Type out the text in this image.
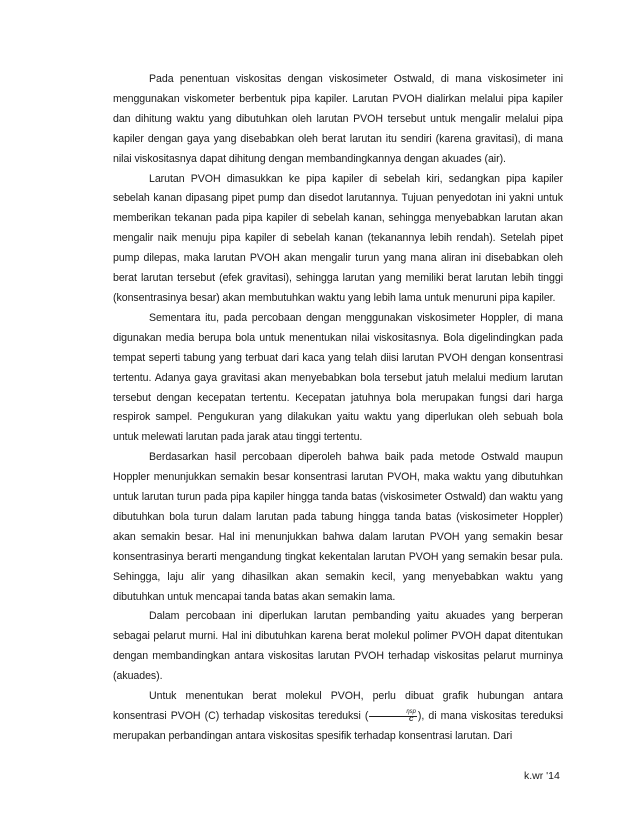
Pada penentuan viskositas dengan viskosimeter Ostwald, di mana viskosimeter ini menggunakan viskometer berbentuk pipa kapiler. Larutan PVOH dialirkan melalui pipa kapiler dan dihitung waktu yang dibutuhkan oleh larutan PVOH tersebut untuk mengalir melalui pipa kapiler dengan gaya yang disebabkan oleh berat larutan itu sendiri (karena gravitasi), di mana nilai viskositasnya dapat dihitung dengan membandingkannya dengan akuades (air).

Larutan PVOH dimasukkan ke pipa kapiler di sebelah kiri, sedangkan pipa kapiler sebelah kanan dipasang pipet pump dan disedot larutannya. Tujuan penyedotan ini yakni untuk memberikan tekanan pada pipa kapiler di sebelah kanan, sehingga menyebabkan larutan akan mengalir naik menuju pipa kapiler di sebelah kanan (tekanannya lebih rendah). Setelah pipet pump dilepas, maka larutan PVOH akan mengalir turun yang mana aliran ini disebabkan oleh berat larutan tersebut (efek gravitasi), sehingga larutan yang memiliki berat larutan lebih tinggi (konsentrasinya besar) akan membutuhkan waktu yang lebih lama untuk menuruni pipa kapiler.

Sementara itu, pada percobaan dengan menggunakan viskosimeter Hoppler, di mana digunakan media berupa bola untuk menentukan nilai viskositasnya. Bola digelindingkan pada tempat seperti tabung yang terbuat dari kaca yang telah diisi larutan PVOH dengan konsentrasi tertentu. Adanya gaya gravitasi akan menyebabkan bola tersebut jatuh melalui medium larutan tersebut dengan kecepatan tertentu. Kecepatan jatuhnya bola merupakan fungsi dari harga respirok sampel. Pengukuran yang dilakukan yaitu waktu yang diperlukan oleh sebuah bola untuk melewati larutan pada jarak atau tinggi tertentu.

Berdasarkan hasil percobaan diperoleh bahwa baik pada metode Ostwald maupun Hoppler menunjukkan semakin besar konsentrasi larutan PVOH, maka waktu yang dibutuhkan untuk larutan turun pada pipa kapiler hingga tanda batas (viskosimeter Ostwald) dan waktu yang dibutuhkan bola turun dalam larutan pada tabung hingga tanda batas (viskosimeter Hoppler) akan semakin besar. Hal ini menunjukkan bahwa dalam larutan PVOH yang semakin besar konsentrasinya berarti mengandung tingkat kekentalan larutan PVOH yang semakin besar pula. Sehingga, laju alir yang dihasilkan akan semakin kecil, yang menyebabkan waktu yang dibutuhkan untuk mencapai tanda batas akan semakin lama.

Dalam percobaan ini diperlukan larutan pembanding yaitu akuades yang berperan sebagai pelarut murni. Hal ini dibutuhkan karena berat molekul polimer PVOH dapat ditentukan dengan membandingkan antara viskositas larutan PVOH terhadap viskositas pelarut murninya (akuades).

Untuk menentukan berat molekul PVOH, perlu dibuat grafik hubungan antara konsentrasi PVOH (C) terhadap viskositas tereduksi ( $\frac{\text{ηsp}}{C}$ ), di mana viskositas tereduksi merupakan perbandingan antara viskositas spesifik terhadap konsentrasi larutan. Dari

k.wr '14
